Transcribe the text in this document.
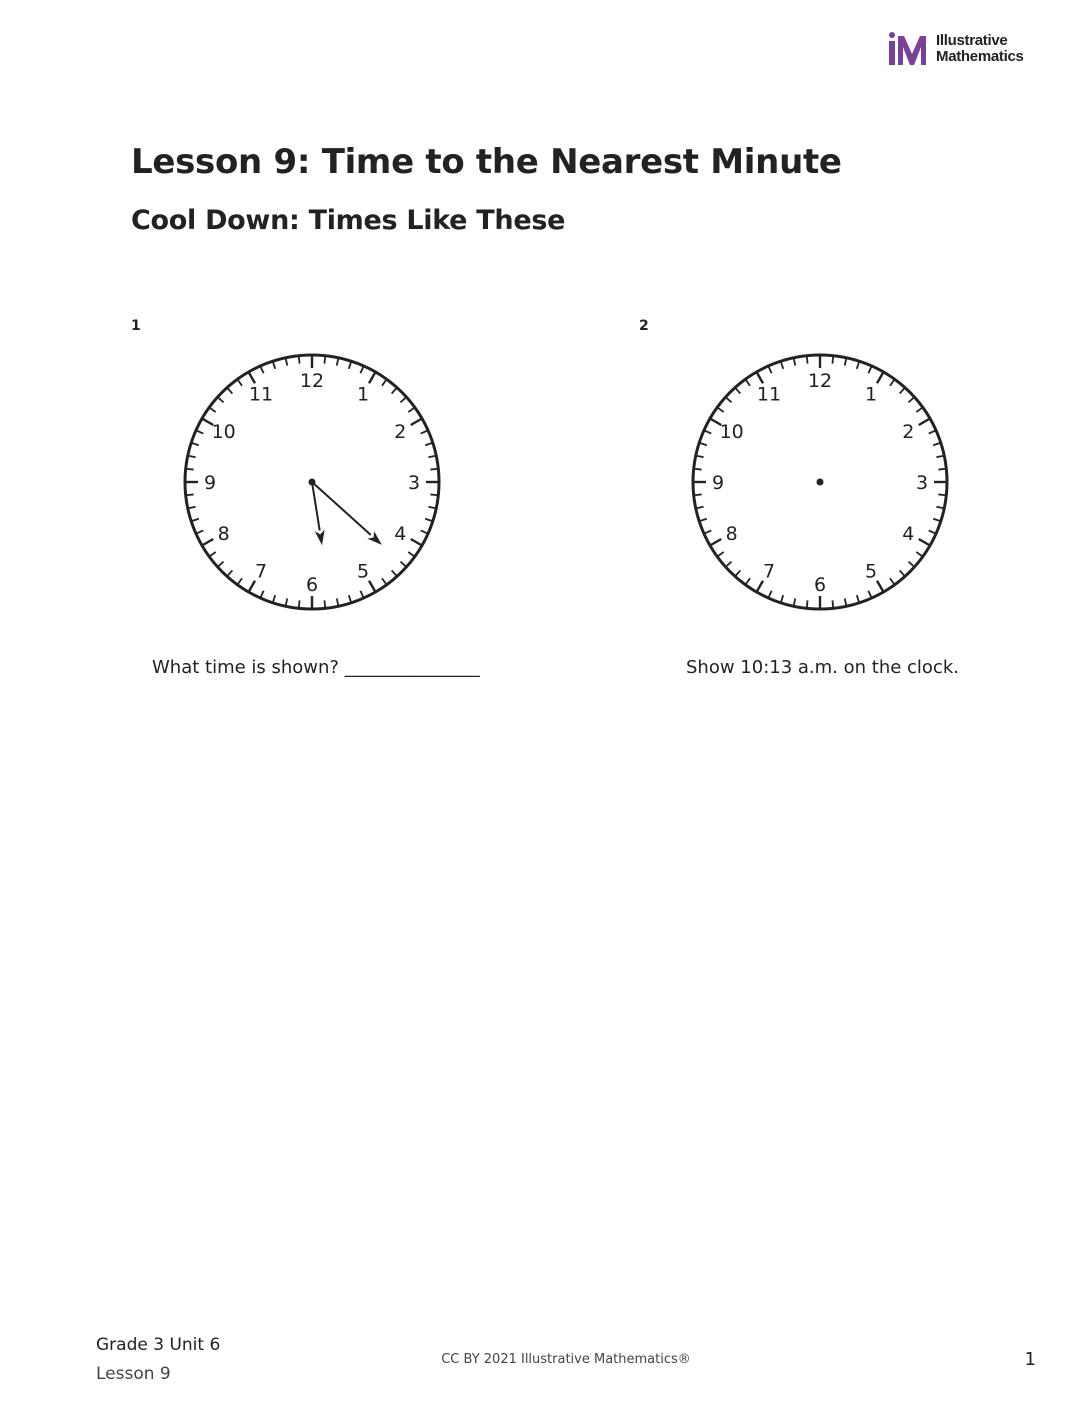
Illustrative
Mathematics
Lesson 9: Time to the Nearest Minute
Cool Down: Times Like These
1
12
1
2
3
4
5
6
7
8
9
10
11
What time is shown? _______________
2
12
1
2
3
4
5
6
7
8
9
10
11
Show 10:13 a.m. on the clock.
Grade 3 Unit 6
Lesson 9
CC BY 2021 Illustrative Mathematics®	1
